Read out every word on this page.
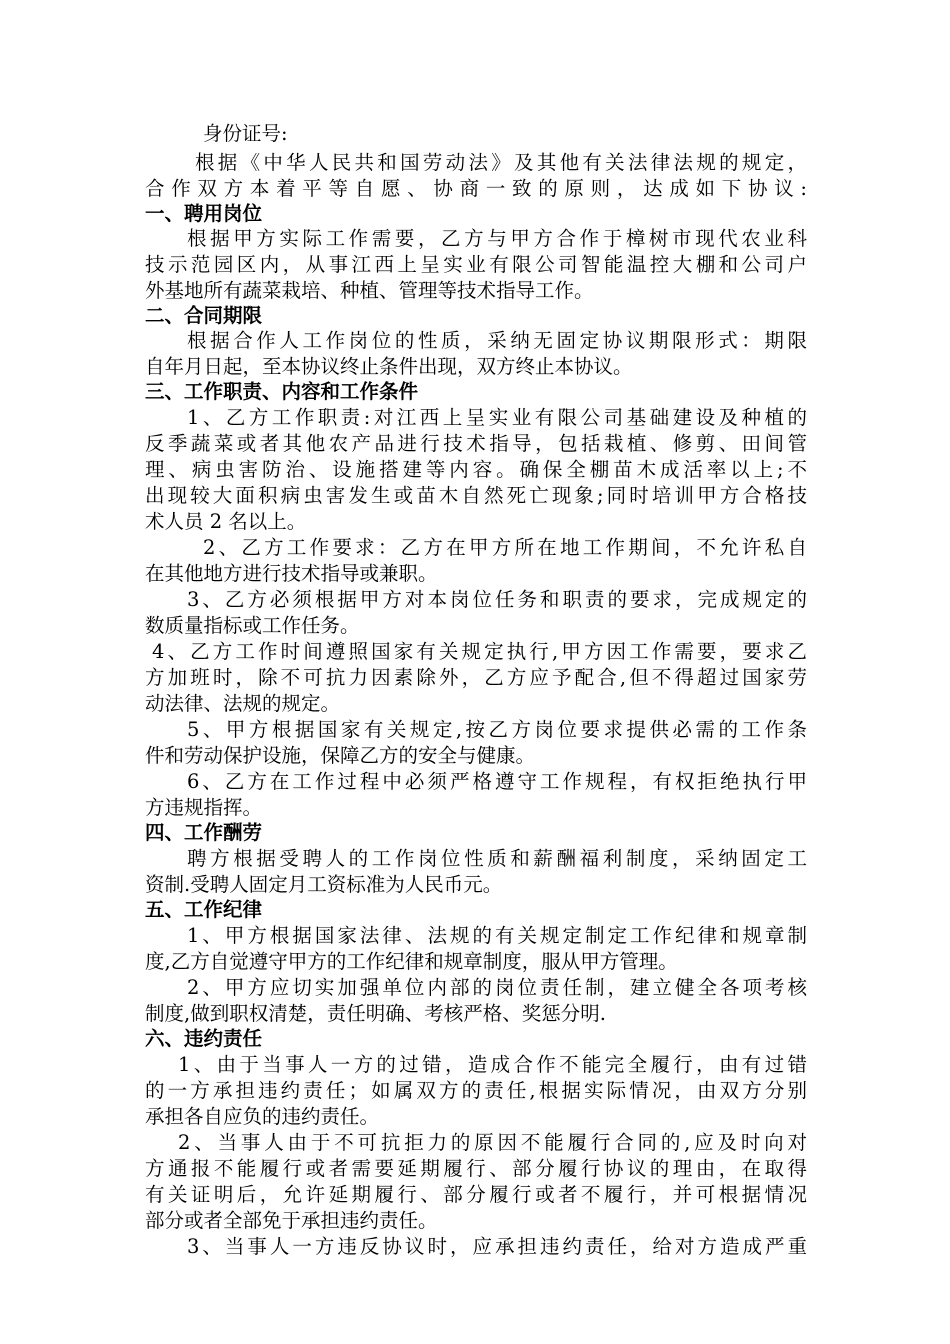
身份证号:
根据《中华人民共和国劳动法》及其他有关法律法规的规定，
合作双方本着平等自愿、协商一致的原则，达成如下协议:
一、聘用岗位
根据甲方实际工作需要，乙方与甲方合作于樟树市现代农业科
技示范园区内，从事江西上呈实业有限公司智能温控大棚和公司户
外基地所有蔬菜栽培、种植、管理等技术指导工作。
二、合同期限
根据合作人工作岗位的性质，采纳无固定协议期限形式：期限
自年月日起，至本协议终止条件出现，双方终止本协议。
三、工作职责、内容和工作条件
1、乙方工作职责:对江西上呈实业有限公司基础建设及种植的
反季蔬菜或者其他农产品进行技术指导，包括栽植、修剪、田间管
理、病虫害防治、设施搭建等内容。确保全棚苗木成活率以上;不
出现较大面积病虫害发生或苗木自然死亡现象;同时培训甲方合格技
术人员 2 名以上。
2、乙方工作要求：乙方在甲方所在地工作期间，不允许私自
在其他地方进行技术指导或兼职。
3、乙方必须根据甲方对本岗位任务和职责的要求，完成规定的
数质量指标或工作任务。
4、乙方工作时间遵照国家有关规定执行,甲方因工作需要，要求乙
方加班时，除不可抗力因素除外，乙方应予配合,但不得超过国家劳
动法律、法规的规定。
5、甲方根据国家有关规定,按乙方岗位要求提供必需的工作条
件和劳动保护设施，保障乙方的安全与健康。
6、乙方在工作过程中必须严格遵守工作规程，有权拒绝执行甲
方违规指挥。
四、工作酬劳
聘方根据受聘人的工作岗位性质和薪酬福利制度，采纳固定工
资制.受聘人固定月工资标准为人民币元。
五、工作纪律
1、甲方根据国家法律、法规的有关规定制定工作纪律和规章制
度,乙方自觉遵守甲方的工作纪律和规章制度，服从甲方管理。
2、甲方应切实加强单位内部的岗位责任制，建立健全各项考核
制度,做到职权清楚，责任明确、考核严格、奖惩分明.
六、违约责任
1、由于当事人一方的过错，造成合作不能完全履行，由有过错
的一方承担违约责任；如属双方的责任,根据实际情况，由双方分别
承担各自应负的违约责任。
2、当事人由于不可抗拒力的原因不能履行合同的,应及时向对
方通报不能履行或者需要延期履行、部分履行协议的理由，在取得
有关证明后，允许延期履行、部分履行或者不履行，并可根据情况
部分或者全部免于承担违约责任。
3、当事人一方违反协议时，应承担违约责任，给对方造成严重
